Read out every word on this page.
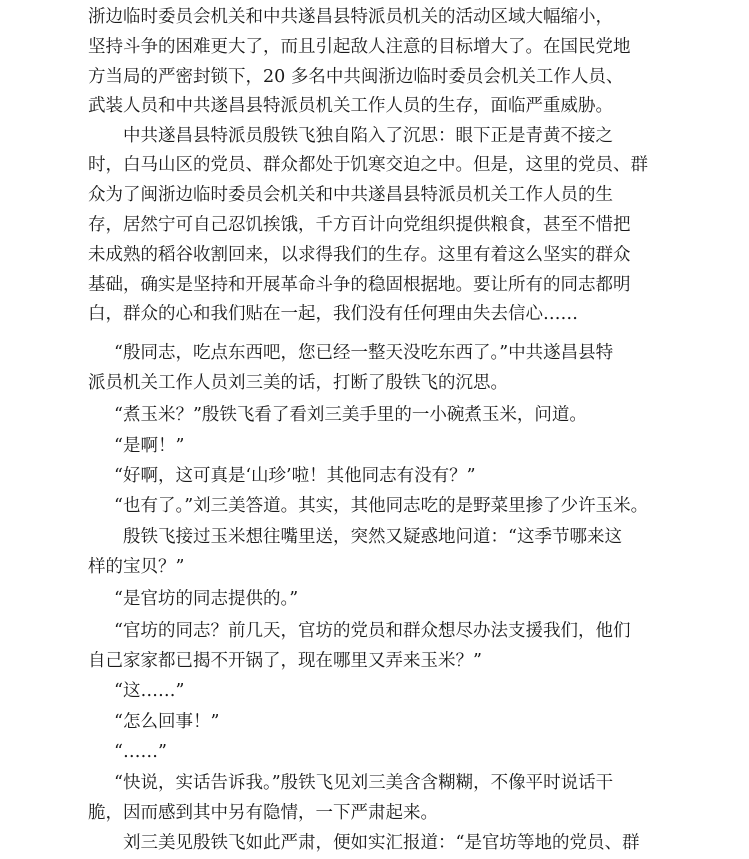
浙边临时委员会机关和中共遂昌县特派员机关的活动区域大幅缩小，
坚持斗争的困难更大了，而且引起敌人注意的目标增大了。在国民党地
方当局的严密封锁下，20 多名中共闽浙边临时委员会机关工作人员、
武装人员和中共遂昌县特派员机关工作人员的生存，面临严重威胁。
中共遂昌县特派员殷铁飞独自陷入了沉思：眼下正是青黄不接之
时，白马山区的党员、群众都处于饥寒交迫之中。但是，这里的党员、群
众为了闽浙边临时委员会机关和中共遂昌县特派员机关工作人员的生
存，居然宁可自己忍饥挨饿，千方百计向党组织提供粮食，甚至不惜把
未成熟的稻谷收割回来，以求得我们的生存。这里有着这么坚实的群众
基础，确实是坚持和开展革命斗争的稳固根据地。要让所有的同志都明
白，群众的心和我们贴在一起，我们没有任何理由失去信心……
“殷同志，吃点东西吧，您已经一整天没吃东西了。”中共遂昌县特
派员机关工作人员刘三美的话，打断了殷铁飞的沉思。
“煮玉米？”殷铁飞看了看刘三美手里的一小碗煮玉米，问道。
“是啊！”
“好啊，这可真是‘山珍’啦！其他同志有没有？”
“也有了。”刘三美答道。其实，其他同志吃的是野菜里掺了少许玉米。
殷铁飞接过玉米想往嘴里送，突然又疑惑地问道：“这季节哪来这
样的宝贝？”
“是官坊的同志提供的。”
“官坊的同志？前几天，官坊的党员和群众想尽办法支援我们，他们
自己家家都已揭不开锅了，现在哪里又弄来玉米？”
“这……”
“怎么回事！”
“……”
“快说，实话告诉我。”殷铁飞见刘三美含含糊糊，不像平时说话干
脆，因而感到其中另有隐情，一下严肃起来。
刘三美见殷铁飞如此严肃，便如实汇报道：“是官坊等地的党员、群
